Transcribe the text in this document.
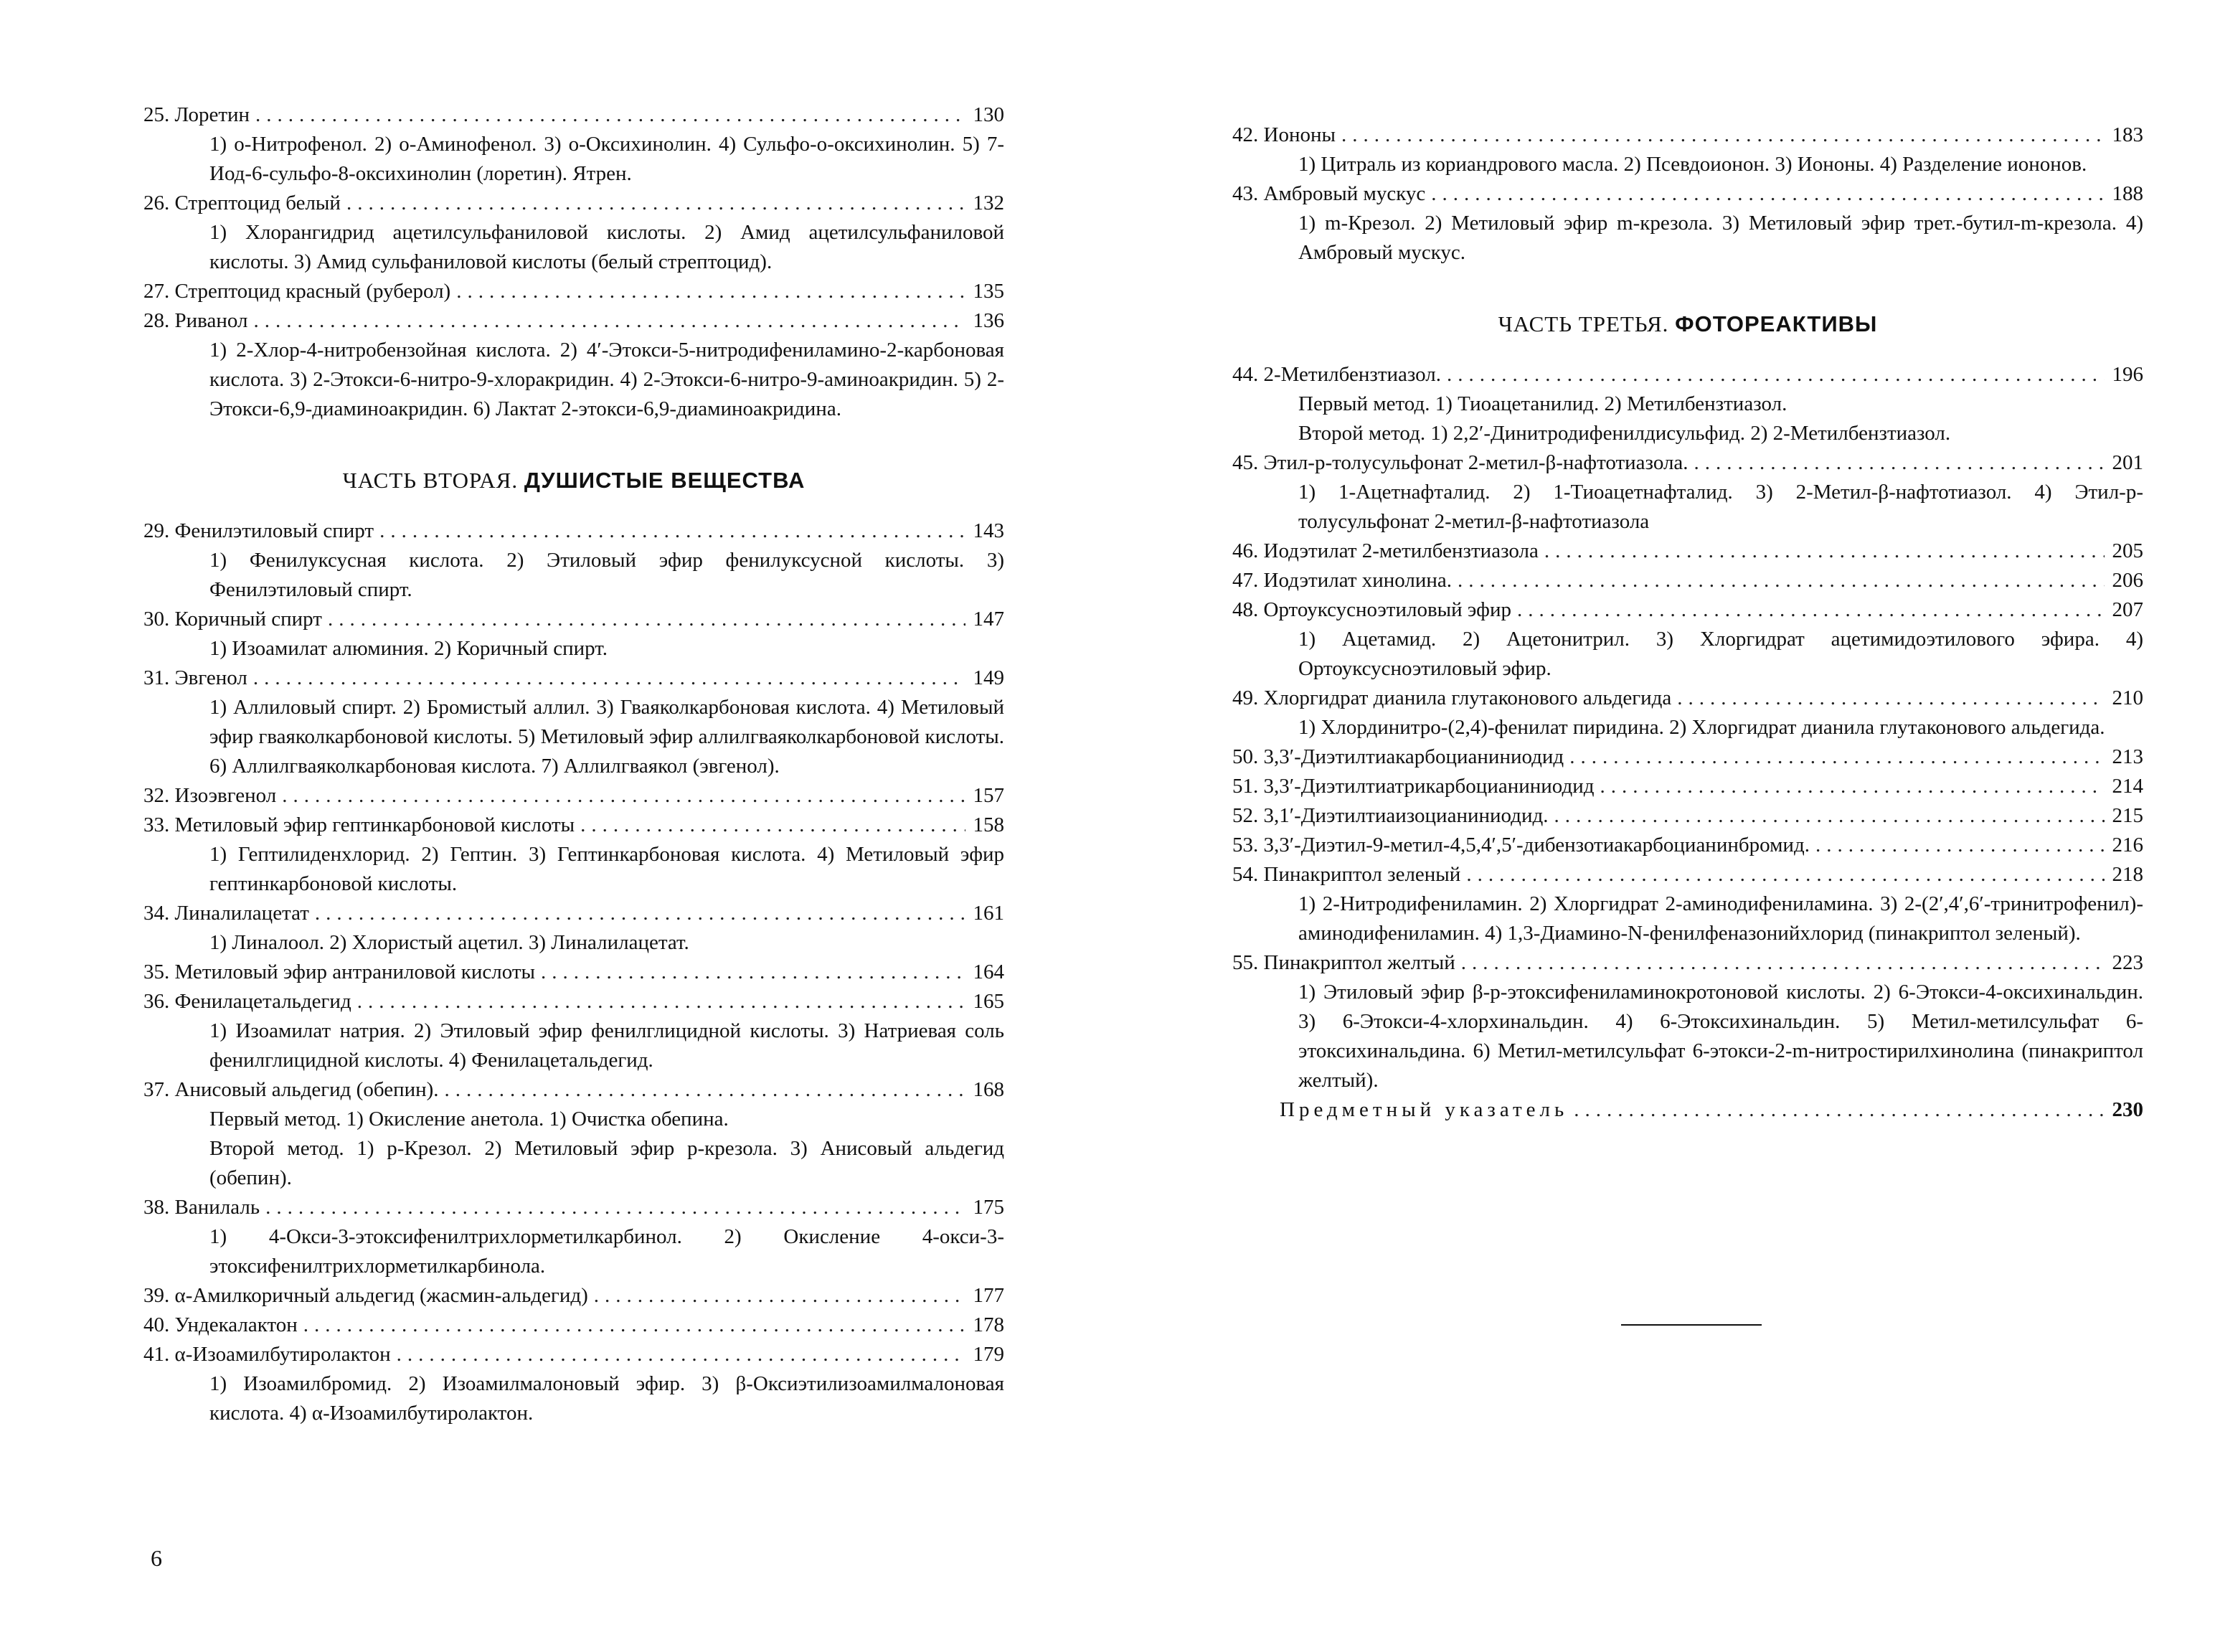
25. Лоретин .....	130
1) o-Нитрофенол. 2) o-Аминофенол. 3) o-Оксихинолин. 4) Сульфо-o-оксихинолин. 5) 7-Иод-6-сульфо-8-оксихинолин (лоретин). Ятрен.
26. Стрептоцид белый .....	132
1) Хлорангидрид ацетилсульфаниловой кислоты. 2) Амид ацетилсульфаниловой кислоты. 3) Амид сульфаниловой кислоты (белый стрептоцид).
27. Стрептоцид красный (руберол) .....	135
28. Риванол .....	136
1) 2-Хлор-4-нитробензойная кислота. 2) 4′-Этокси-5-нитродифениламино-2-карбоновая кислота. 3) 2-Этокси-6-нитро-9-хлоракридин. 4) 2-Этокси-6-нитро-9-аминоакридин. 5) 2-Этокси-6,9-диаминоакридин. 6) Лактат 2-этокси-6,9-диаминоакридина.
ЧАСТЬ ВТОРАЯ. ДУШИСТЫЕ ВЕЩЕСТВА
29. Фенилэтиловый спирт .....	143
1) Фенилуксусная кислота. 2) Этиловый эфир фенилуксусной кислоты. 3) Фенилэтиловый спирт.
30. Коричный спирт .....	147
1) Изоамилат алюминия. 2) Коричный спирт.
31. Эвгенол .....	149
1) Аллиловый спирт. 2) Бромистый аллил. 3) Гваяколкарбоновая кислота. 4) Метиловый эфир гваяколкарбоновой кислоты. 5) Метиловый эфир аллилгваяколкарбоновой кислоты. 6) Аллилгваяколкарбоновая кислота. 7) Аллилгваякол (эвгенол).
32. Изоэвгенол .....	157
33. Метиловый эфир гептинкарбоновой кислоты .....	158
1) Гептилиденхлорид. 2) Гептин. 3) Гептинкарбоновая кислота. 4) Метиловый эфир гептинкарбоновой кислоты.
34. Линалилацетат .....	161
1) Линалоол. 2) Хлористый ацетил. 3) Линалилацетат.
35. Метиловый эфир антраниловой кислоты .....	164
36. Фенилацетальдегид .....	165
1) Изоамилат натрия. 2) Этиловый эфир фенилглицидной кислоты. 3) Натриевая соль фенилглицидной кислоты. 4) Фенилацетальдегид.
37. Анисовый альдегид (обепин). .....	168
Первый метод. 1) Окисление анетола. 1) Очистка обепина.
Второй метод. 1) p-Крезол. 2) Метиловый эфир p-крезола. 3) Анисовый альдегид (обепин).
38. Ванилаль .....	175
1) 4-Окси-3-этоксифенилтрихлорметилкарбинол. 2) Окисление 4-окси-3-этоксифенилтрихлорметилкарбинола.
39. α-Амилкоричный альдегид (жасмин-альдегид) .....	177
40. Ундекалактон .....	178
41. α-Изоамилбутиролактон .....	179
1) Изоамилбромид. 2) Изоамилмалоновый эфир. 3) β-Оксиэтилизоамилмалоновая кислота. 4) α-Изоамилбутиролактон.
42. Иононы .....	183
1) Цитраль из кориандрового масла. 2) Псевдоионон. 3) Иононы. 4) Разделение иононов.
43. Амбровый мускус .....	188
1) m-Крезол. 2) Метиловый эфир m-крезола. 3) Метиловый эфир трет.-бутил-m-крезола. 4) Амбровый мускус.
ЧАСТЬ ТРЕТЬЯ. ФОТОРЕАКТИВЫ
44. 2-Метилбензтиазол. .....	196
Первый метод. 1) Тиоацетанилид. 2) Метилбензтиазол.
Второй метод. 1) 2,2′-Динитродифенилдисульфид. 2) 2-Метилбензтиазол.
45. Этил-p-толусульфонат 2-метил-β-нафтотиазола. .....	201
1) 1-Ацетнафталид. 2) 1-Тиоацетнафталид. 3) 2-Метил-β-нафтотиазол. 4) Этил-p-толусульфонат 2-метил-β-нафтотиазола
46. Иодэтилат 2-метилбензтиазола .....	205
47. Иодэтилат хинолина. .....	206
48. Ортоуксусноэтиловый эфир .....	207
1) Ацетамид. 2) Ацетонитрил. 3) Хлоргидрат ацетимидоэтилового эфира. 4) Ортоуксусноэтиловый эфир.
49. Хлоргидрат дианила глутаконового альдегида .....	210
1) Хлординитро-(2,4)-фенилат пиридина. 2) Хлоргидрат дианила глутаконового альдегида.
50. 3,3′-Диэтилтиакарбоцианиниодид .....	213
51. 3,3′-Диэтилтиатрикарбоцианиниодид .....	214
52. 3,1′-Диэтилтиаизоцианиниодид. .....	215
53. 3,3′-Диэтил-9-метил-4,5,4′,5′-дибензотиакарбоцианинбромид. .....	216
54. Пинакриптол зеленый .....	218
1) 2-Нитродифениламин. 2) Хлоргидрат 2-аминодифениламина. 3) 2-(2′,4′,6′-тринитрофенил)-аминодифениламин. 4) 1,3-Диамино-N-фенилфеназонийхлорид (пинакриптол зеленый).
55. Пинакриптол желтый .....	223
1) Этиловый эфир β-p-этоксифениламинокротоновой кислоты. 2) 6-Этокси-4-оксихинальдин. 3) 6-Этокси-4-хлорхинальдин. 4) 6-Этоксихинальдин. 5) Метил-метилсульфат 6-этоксихинальдина. 6) Метил-метилсульфат 6-этокси-2-m-нитростирилхинолина (пинакриптол желтый).
Предметный указатель .....	230
6
